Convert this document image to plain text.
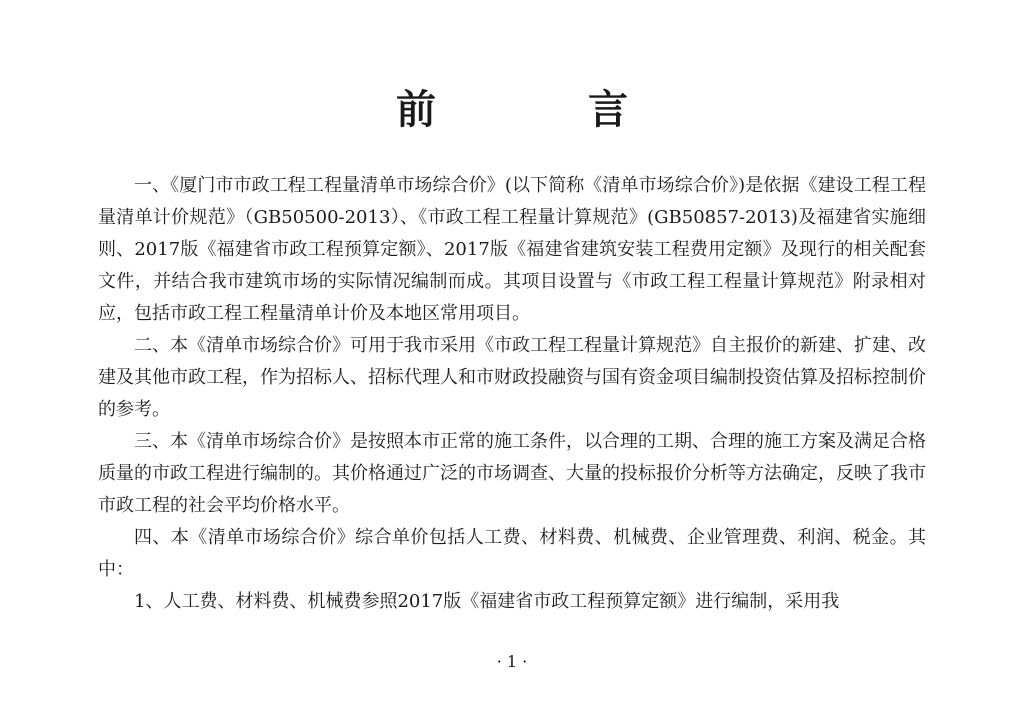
前　言

一、《厦门市市政工程工程量清单市场综合价》(以下简称《清单市场综合价》)是依据《建设工程工程量清单计价规范》（GB50500-2013）、《市政工程工程量计算规范》(GB50857-2013)及福建省实施细则、2017版《福建省市政工程预算定额》、2017版《福建省建筑安装工程费用定额》及现行的相关配套文件，并结合我市建筑市场的实际情况编制而成。其项目设置与《市政工程工程量计算规范》附录相对应，包括市政工程工程量清单计价及本地区常用项目。

二、本《清单市场综合价》可用于我市采用《市政工程工程量计算规范》自主报价的新建、扩建、改建及其他市政工程，作为招标人、招标代理人和市财政投融资与国有资金项目编制投资估算及招标控制价的参考。

三、本《清单市场综合价》是按照本市正常的施工条件，以合理的工期、合理的施工方案及满足合格质量的市政工程进行编制的。其价格通过广泛的市场调查、大量的投标报价分析等方法确定，反映了我市市政工程的社会平均价格水平。

四、本《清单市场综合价》综合单价包括人工费、材料费、机械费、企业管理费、利润、税金。其中：

1、人工费、材料费、机械费参照2017版《福建省市政工程预算定额》进行编制，采用我

· 1 ·
